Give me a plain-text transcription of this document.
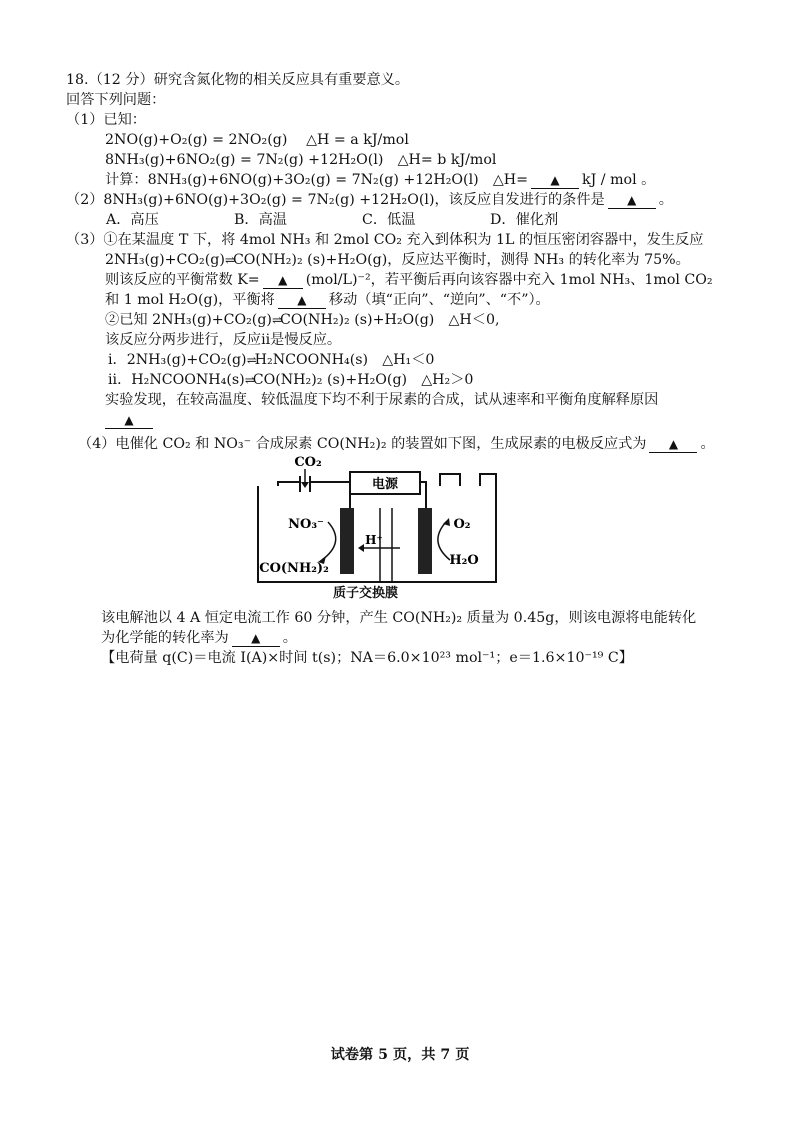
18.（12 分）研究含氮化物的相关反应具有重要意义。
回答下列问题：
（1）已知：
2NO(g)+O₂(g) = 2NO₂(g)　 △H = a kJ/mol
8NH₃(g)+6NO₂(g) = 7N₂(g) +12H₂O(l)　△H= b kJ/mol
计算：8NH₃(g)+6NO(g)+3O₂(g) = 7N₂(g) +12H₂O(l)　△H= ▲ kJ / mol 。
（2）8NH₃(g)+6NO(g)+3O₂(g) = 7N₂(g) +12H₂O(l)，该反应自发进行的条件是 ▲ 。
A．高压	B．高温	C．低温	D．催化剂
（3）①在某温度 T 下，将 4mol NH₃ 和 2mol CO₂ 充入到体积为 1L 的恒压密闭容器中，发生反应
2NH₃(g)+CO₂(g)⇌CO(NH₂)₂ (s)+H₂O(g)，反应达平衡时，测得 NH₃ 的转化率为 75%。
则该反应的平衡常数 K= ▲ (mol/L)⁻²，若平衡后再向该容器中充入 1mol NH₃、1mol CO₂
和 1 mol H₂O(g)，平衡将 ▲ 移动（填“正向”、“逆向”、“不”）。
②已知 2NH₃(g)+CO₂(g)⇌CO(NH₂)₂ (s)+H₂O(g)　△H＜0,
该反应分两步进行，反应ii是慢反应。
i．2NH₃(g)+CO₂(g)⇌H₂NCOONH₄(s)　△H₁＜0
ii．H₂NCOONH₄(s)⇌CO(NH₂)₂ (s)+H₂O(g)　△H₂＞0
实验发现，在较高温度、较低温度下均不利于尿素的合成，试从速率和平衡角度解释原因
▲
（4）电催化 CO₂ 和 NO₃⁻ 合成尿素 CO(NH₂)₂ 的装置如下图，生成尿素的电极反应式为 ▲ 。
电源
CO₂
H⁺
NO₃⁻
CO(NH₂)₂
O₂
H₂O
质子交换膜
该电解池以 4 A 恒定电流工作 60 分钟，产生 CO(NH₂)₂ 质量为 0.45g，则该电源将电能转化
为化学能的转化率为 ▲ 。
【电荷量 q(C)＝电流 I(A)×时间 t(s)；NA＝6.0×10²³ mol⁻¹；e＝1.6×10⁻¹⁹ C】
试卷第 5 页，共 7 页
